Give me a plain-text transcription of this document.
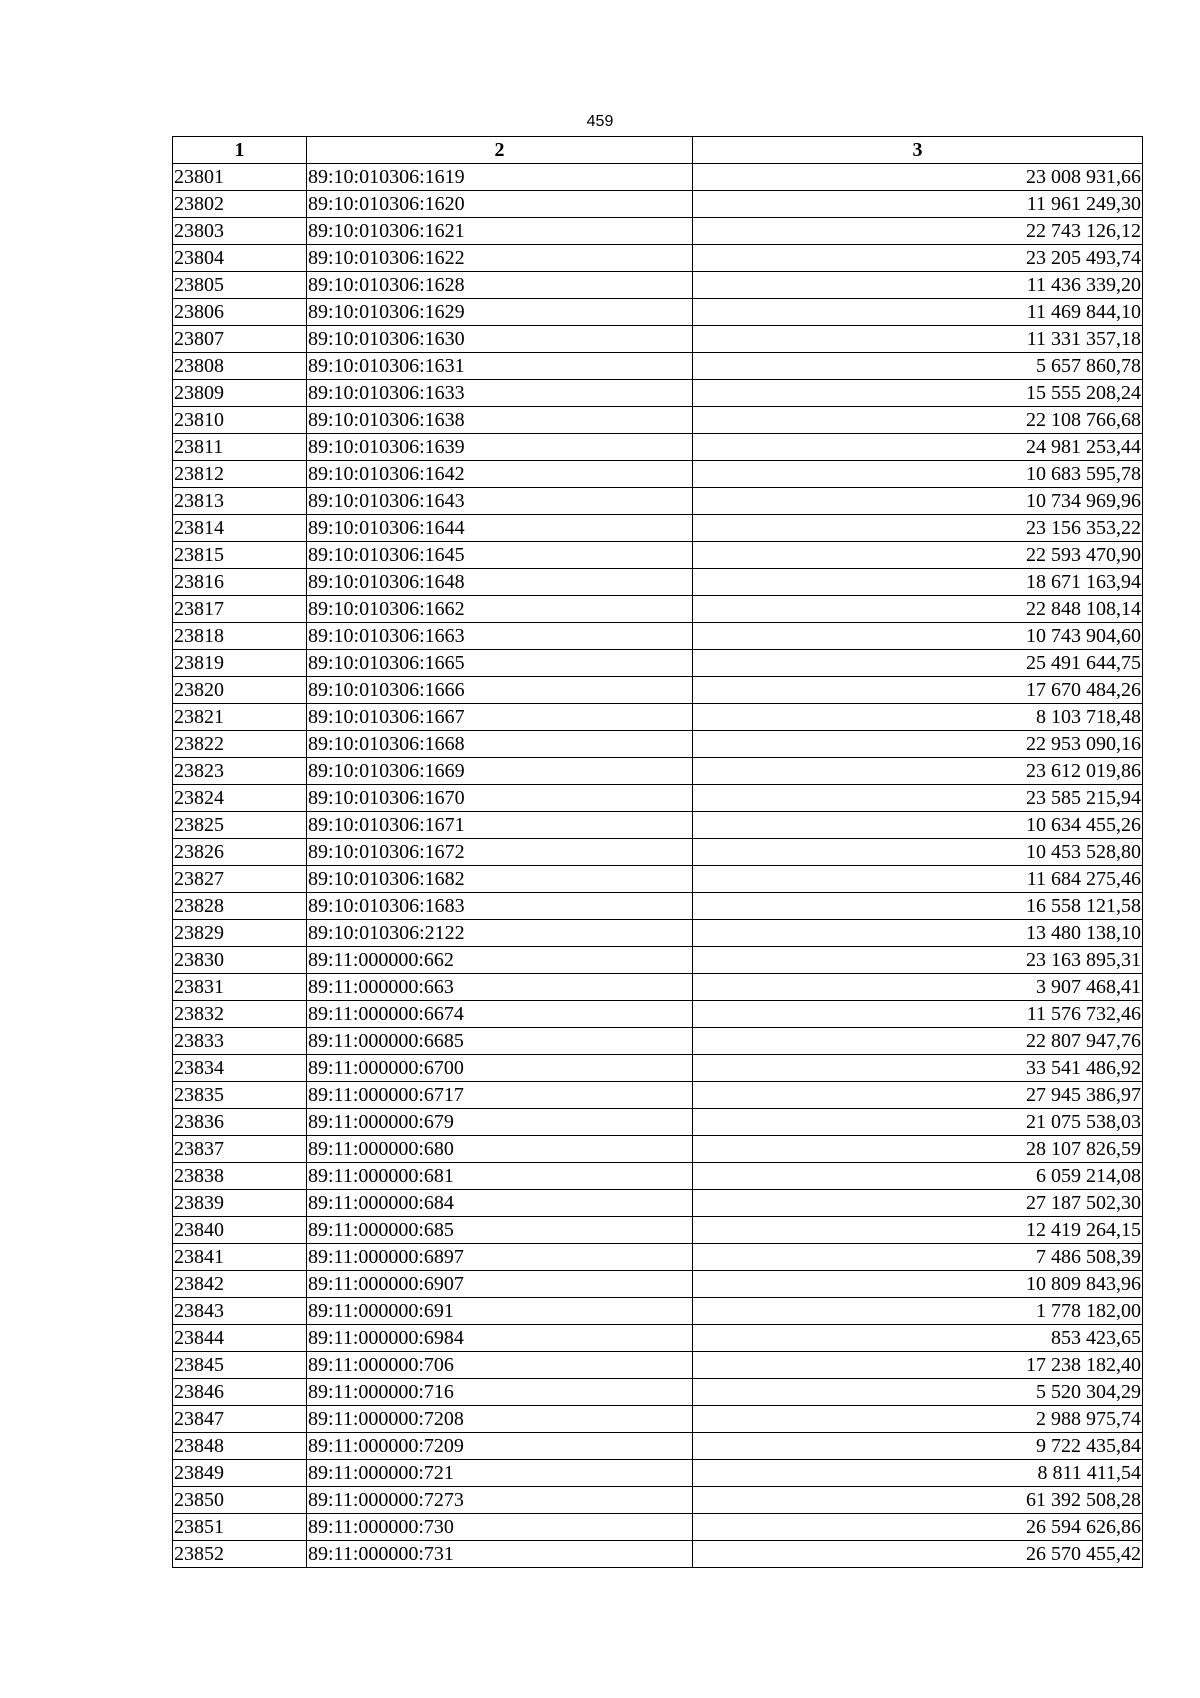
459
1	2	3
23801	89:10:010306:1619	23 008 931,66
23802	89:10:010306:1620	11 961 249,30
23803	89:10:010306:1621	22 743 126,12
23804	89:10:010306:1622	23 205 493,74
23805	89:10:010306:1628	11 436 339,20
23806	89:10:010306:1629	11 469 844,10
23807	89:10:010306:1630	11 331 357,18
23808	89:10:010306:1631	5 657 860,78
23809	89:10:010306:1633	15 555 208,24
23810	89:10:010306:1638	22 108 766,68
23811	89:10:010306:1639	24 981 253,44
23812	89:10:010306:1642	10 683 595,78
23813	89:10:010306:1643	10 734 969,96
23814	89:10:010306:1644	23 156 353,22
23815	89:10:010306:1645	22 593 470,90
23816	89:10:010306:1648	18 671 163,94
23817	89:10:010306:1662	22 848 108,14
23818	89:10:010306:1663	10 743 904,60
23819	89:10:010306:1665	25 491 644,75
23820	89:10:010306:1666	17 670 484,26
23821	89:10:010306:1667	8 103 718,48
23822	89:10:010306:1668	22 953 090,16
23823	89:10:010306:1669	23 612 019,86
23824	89:10:010306:1670	23 585 215,94
23825	89:10:010306:1671	10 634 455,26
23826	89:10:010306:1672	10 453 528,80
23827	89:10:010306:1682	11 684 275,46
23828	89:10:010306:1683	16 558 121,58
23829	89:10:010306:2122	13 480 138,10
23830	89:11:000000:662	23 163 895,31
23831	89:11:000000:663	3 907 468,41
23832	89:11:000000:6674	11 576 732,46
23833	89:11:000000:6685	22 807 947,76
23834	89:11:000000:6700	33 541 486,92
23835	89:11:000000:6717	27 945 386,97
23836	89:11:000000:679	21 075 538,03
23837	89:11:000000:680	28 107 826,59
23838	89:11:000000:681	6 059 214,08
23839	89:11:000000:684	27 187 502,30
23840	89:11:000000:685	12 419 264,15
23841	89:11:000000:6897	7 486 508,39
23842	89:11:000000:6907	10 809 843,96
23843	89:11:000000:691	1 778 182,00
23844	89:11:000000:6984	853 423,65
23845	89:11:000000:706	17 238 182,40
23846	89:11:000000:716	5 520 304,29
23847	89:11:000000:7208	2 988 975,74
23848	89:11:000000:7209	9 722 435,84
23849	89:11:000000:721	8 811 411,54
23850	89:11:000000:7273	61 392 508,28
23851	89:11:000000:730	26 594 626,86
23852	89:11:000000:731	26 570 455,42
